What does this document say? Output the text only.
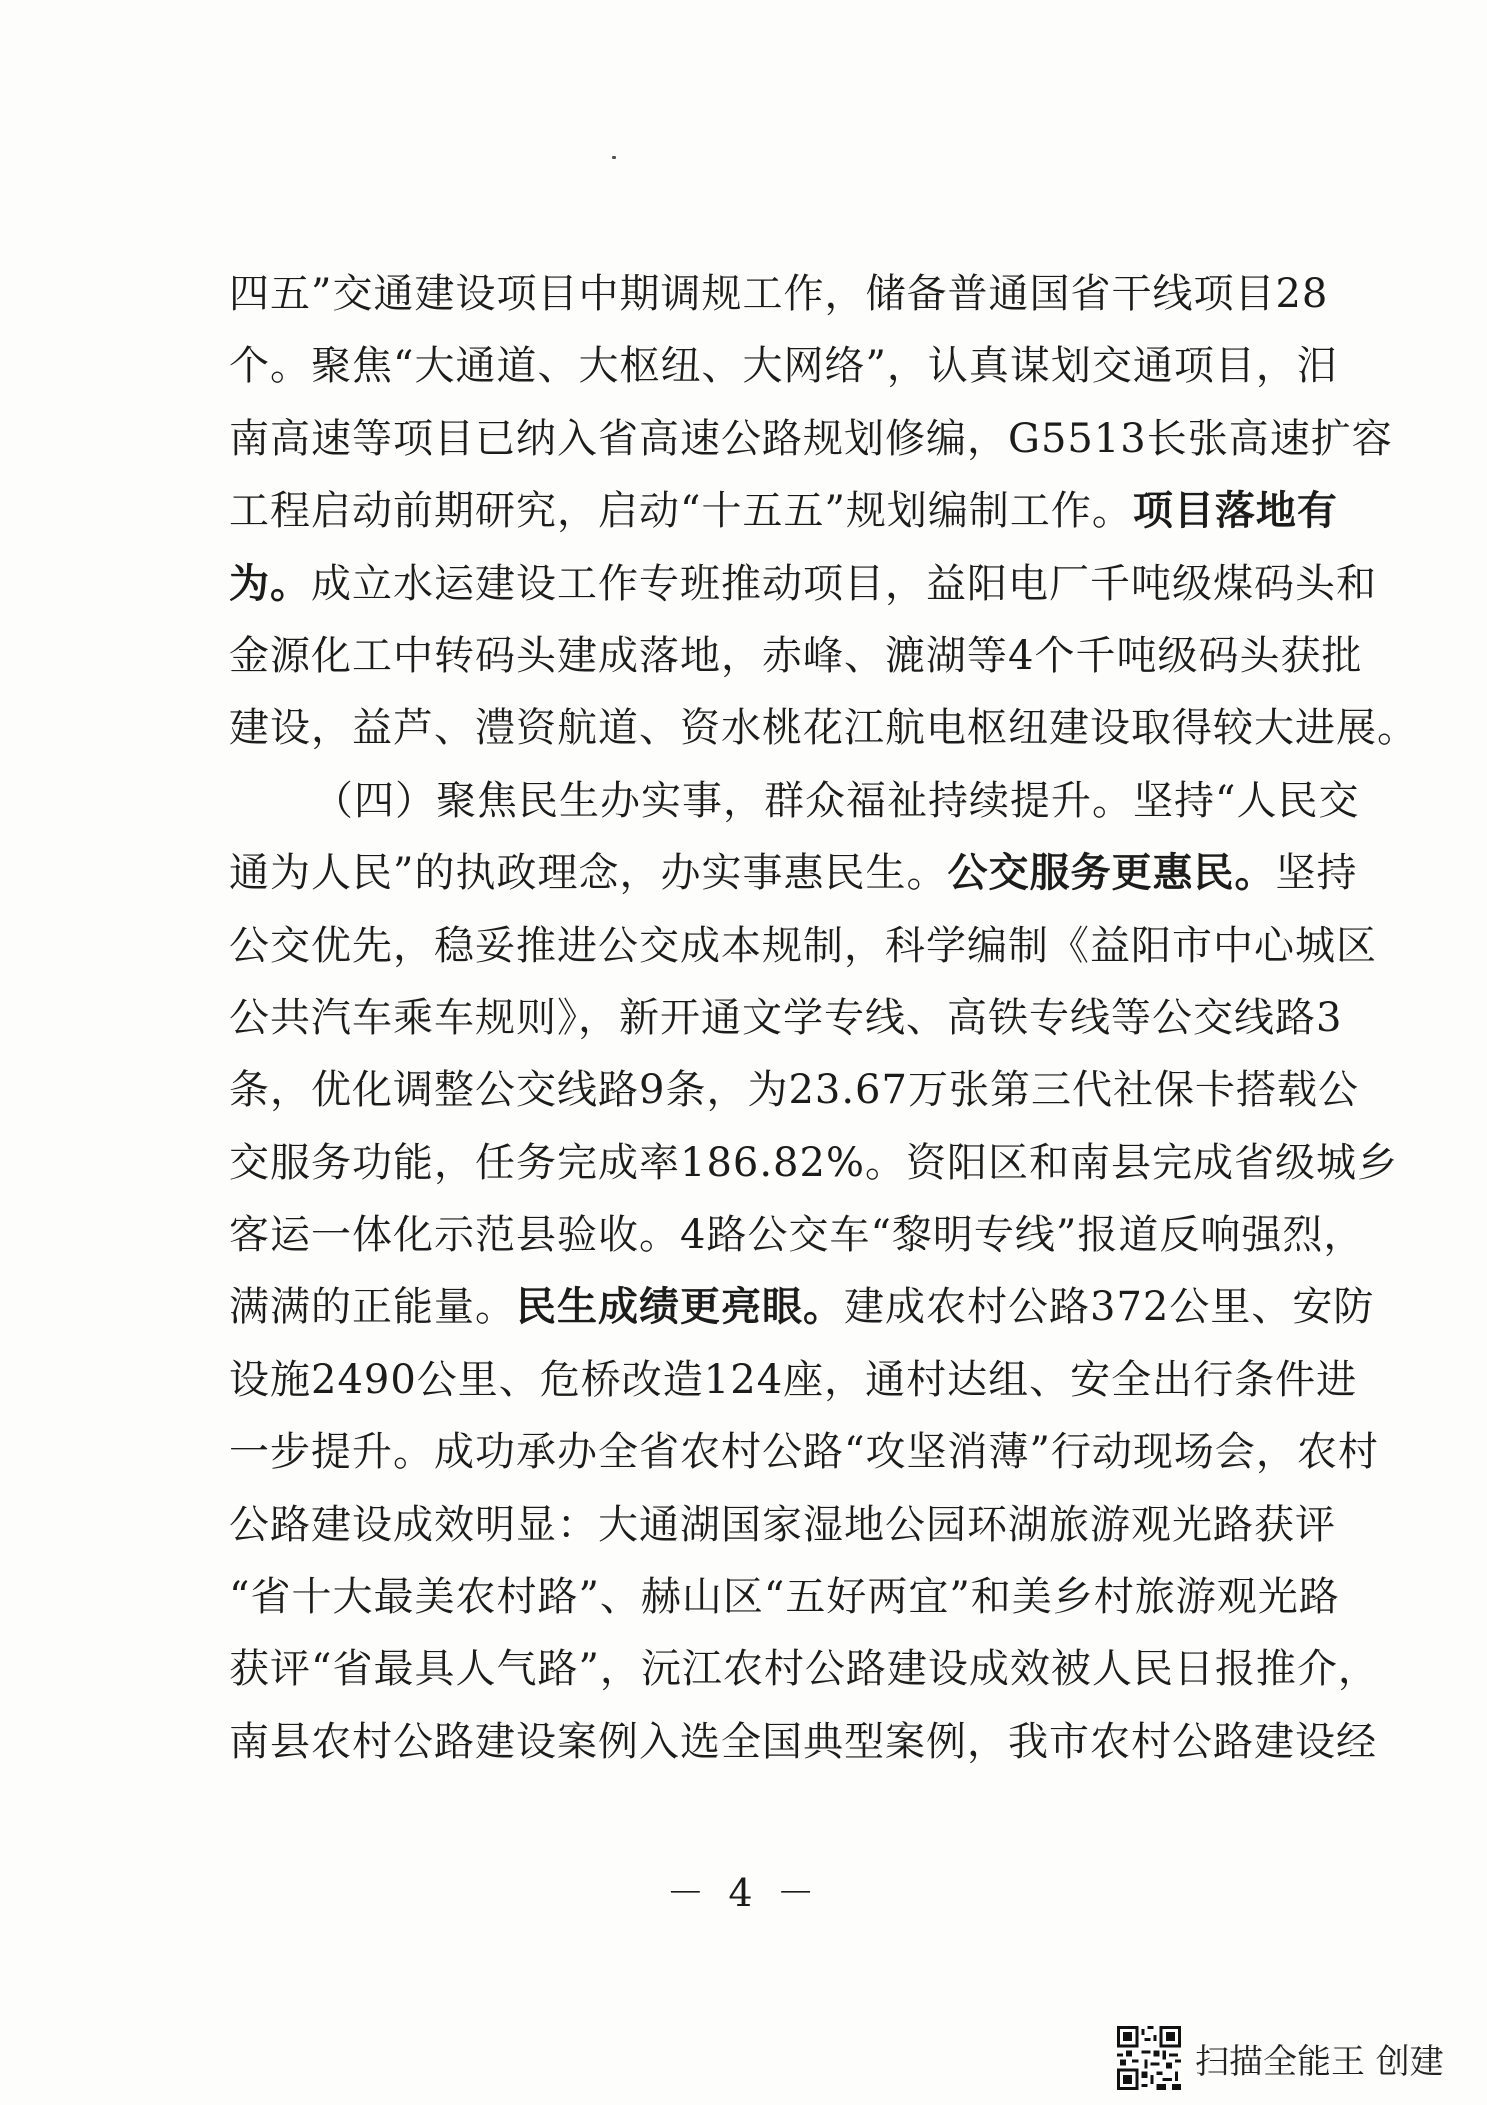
四五”交通建设项目中期调规工作，储备普通国省干线项目28
个。聚焦“大通道、大枢纽、大网络”，认真谋划交通项目，汨
南高速等项目已纳入省高速公路规划修编，G5513长张高速扩容
工程启动前期研究，启动“十五五”规划编制工作。项目落地有
为。成立水运建设工作专班推动项目，益阳电厂千吨级煤码头和
金源化工中转码头建成落地，赤峰、漉湖等4个千吨级码头获批
建设，益芦、澧资航道、资水桃花江航电枢纽建设取得较大进展。
（四）聚焦民生办实事，群众福祉持续提升。坚持“人民交
通为人民”的执政理念，办实事惠民生。公交服务更惠民。坚持
公交优先，稳妥推进公交成本规制，科学编制《益阳市中心城区
公共汽车乘车规则》，新开通文学专线、高铁专线等公交线路3
条，优化调整公交线路9条，为23.67万张第三代社保卡搭载公
交服务功能，任务完成率186.82%。资阳区和南县完成省级城乡
客运一体化示范县验收。4路公交车“黎明专线”报道反响强烈，
满满的正能量。民生成绩更亮眼。建成农村公路372公里、安防
设施2490公里、危桥改造124座，通村达组、安全出行条件进
一步提升。成功承办全省农村公路“攻坚消薄”行动现场会，农村
公路建设成效明显：大通湖国家湿地公园环湖旅游观光路获评
“省十大最美农村路”、赫山区“五好两宜”和美乡村旅游观光路
获评“省最具人气路”，沅江农村公路建设成效被人民日报推介，
南县农村公路建设案例入选全国典型案例，我市农村公路建设经
－ 4 －
扫描全能王 创建
